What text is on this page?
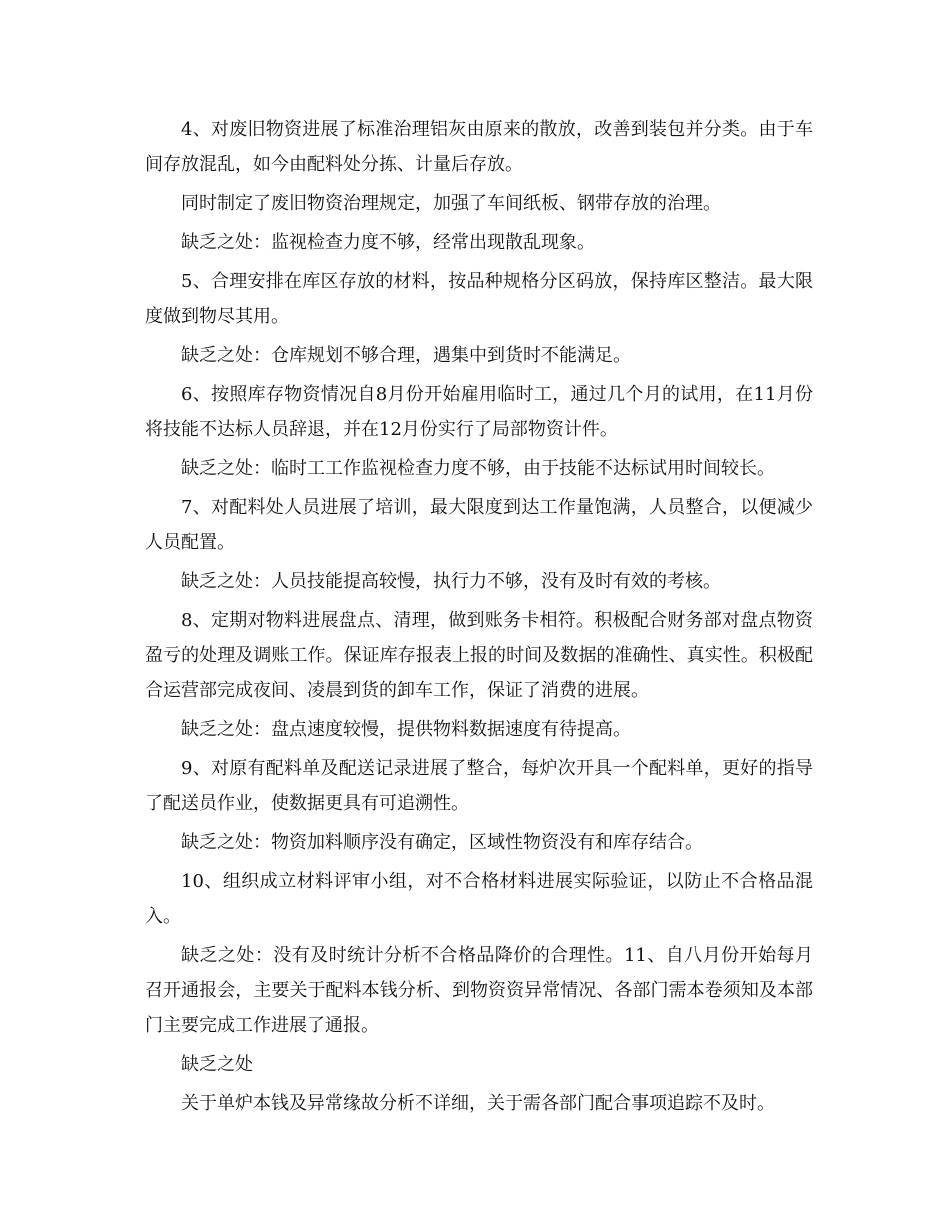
4、对废旧物资进展了标准治理铝灰由原来的散放，改善到装包并分类。由于车间存放混乱，如今由配料处分拣、计量后存放。

同时制定了废旧物资治理规定，加强了车间纸板、钢带存放的治理。

缺乏之处：监视检查力度不够，经常出现散乱现象。

5、合理安排在库区存放的材料，按品种规格分区码放，保持库区整洁。最大限度做到物尽其用。

缺乏之处：仓库规划不够合理，遇集中到货时不能满足。

6、按照库存物资情况自8月份开始雇用临时工，通过几个月的试用，在11月份将技能不达标人员辞退，并在12月份实行了局部物资计件。

缺乏之处：临时工工作监视检查力度不够，由于技能不达标试用时间较长。

7、对配料处人员进展了培训，最大限度到达工作量饱满，人员整合，以便减少人员配置。

缺乏之处：人员技能提高较慢，执行力不够，没有及时有效的考核。

8、定期对物料进展盘点、清理，做到账务卡相符。积极配合财务部对盘点物资盈亏的处理及调账工作。保证库存报表上报的时间及数据的准确性、真实性。积极配合运营部完成夜间、凌晨到货的卸车工作，保证了消费的进展。

缺乏之处：盘点速度较慢，提供物料数据速度有待提高。

9、对原有配料单及配送记录进展了整合，每炉次开具一个配料单，更好的指导了配送员作业，使数据更具有可追溯性。

缺乏之处：物资加料顺序没有确定，区域性物资没有和库存结合。

10、组织成立材料评审小组，对不合格材料进展实际验证，以防止不合格品混入。

缺乏之处：没有及时统计分析不合格品降价的合理性。11、自八月份开始每月召开通报会，主要关于配料本钱分析、到物资资异常情况、各部门需本卷须知及本部门主要完成工作进展了通报。

缺乏之处

关于单炉本钱及异常缘故分析不详细，关于需各部门配合事项追踪不及时。
